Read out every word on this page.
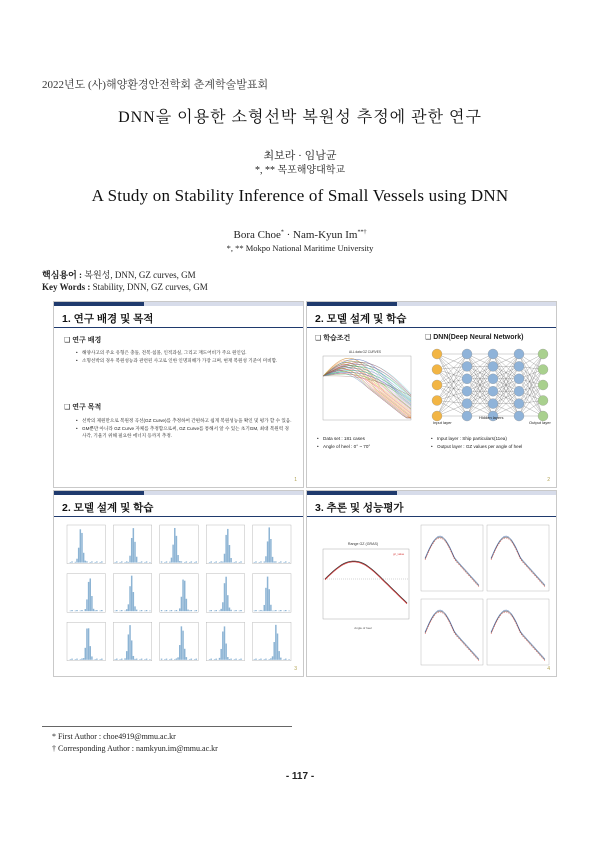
2022년도 (사)해양환경안전학회 춘계학술발표회
DNN을 이용한 소형선박 복원성 추정에 관한 연구
최보라 · 임남균
*, ** 목포해양대학교
A Study on Stability Inference of Small Vessels using DNN
Bora Choe* · Nam-Kyun Im**†
*, ** Mokpo National Maritime University
핵심용어 : 복원성, DNN, GZ curves, GM
Key Words : Stability, DNN, GZ curves, GM
1. 연구 배경 및 목적
❑ 연구 배경
• 해양사고의 주요 유형은 충돌, 전복·침몰, 인적과실, 그리고 재도어비가 주요 원인임.
• 소형선박의 경우 복원성능과 관련된 사고로 인한 인명피해가 가장 크며, 현재 복원성 기준이 미비함.
❑ 연구 목적
• 선박의 제원만으로 복원정 곡선(GZ Curve)를 추정하여 간편하고 쉽게 복원성능을 확인 및 평가 할 수 있음.
• GM뿐만 아니라 GZ Curve 자체를 추정함으로써, GZ Curve를 통해서 알 수 있는 초기GM, 최대 복원력 경사각, 기울기 위해 필요한 에너지 등까지 추정.
1
2. 모델 설계 및 학습
❑ 학습조건	❑ DNN(Deep Neural Network)
ALL data GZ CURVES
Input layer
Hidden layers
Output layer
• Data set : 181 cases
• Angle of heel : 0° ~ 70°
• Input layer : Ship particulars(11ea)
• Output layer : GZ values per angle of heel
2
2. 모델 설계 및 학습
3
3. 추론 및 성능평가
Range GZ (GRAS)
Angle of heel
gz_value
4
* First Author : choe4919@mmu.ac.kr
† Corresponding Author : namkyun.im@mmu.ac.kr
- 117 -
